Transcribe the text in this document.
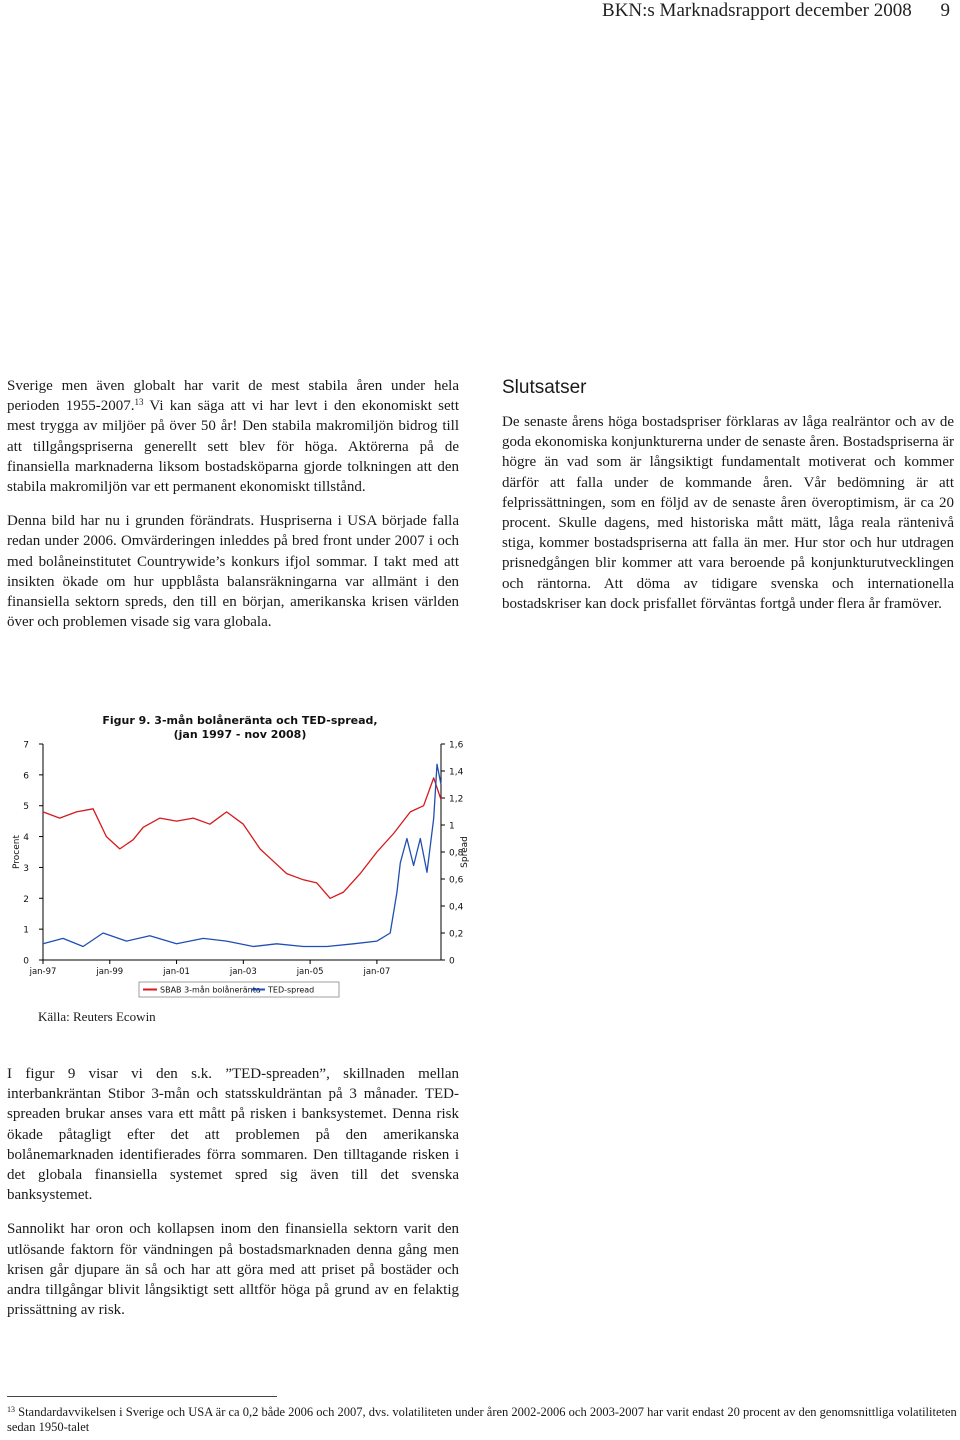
BKN:s Marknadsrapport december 2008 9

Sverige men även globalt har varit de mest stabila åren under hela perioden 1955-2007.13 Vi kan säga att vi har levt i den ekonomiskt sett mest trygga av miljöer på över 50 år! Den stabila makromiljön bidrog till att tillgångspriserna generellt sett blev för höga. Aktörerna på de finansiella marknaderna liksom bostadsköparna gjorde tolkningen att den stabila makromiljön var ett permanent ekonomiskt tillstånd.

Denna bild har nu i grunden förändrats. Huspriserna i USA började falla redan under 2006. Omvärderingen inleddes på bred front under 2007 i och med bolåneinstitutet Countrywide’s konkurs ifjol sommar. I takt med att insikten ökade om hur uppblåsta balansräkningarna var allmänt i den finansiella sektorn spreds, den till en början, amerikanska krisen världen över och problemen visade sig vara globala.

Slutsatser

De senaste årens höga bostadspriser förklaras av låga realräntor och av de goda ekonomiska konjunkturerna under de senaste åren. Bostadspriserna är högre än vad som är långsiktigt fundamentalt motiverat och kommer därför att falla under de kommande åren. Vår bedömning är att felprissättningen, som en följd av de senaste åren överoptimism, är ca 20 procent. Skulle dagens, med historiska mått mätt, låga reala räntenivå stiga, kommer bostadspriserna att falla än mer. Hur stor och hur utdragen prisnedgången blir kommer att vara beroende på konjunkturutvecklingen och räntorna. Att döma av tidigare svenska och internationella bostadskriser kan dock prisfallet förväntas fortgå under flera år framöver.

Figur 9. 3-mån bolåneränta och TED-spread,
(jan 1997 - nov 2008)
0
1
2
3
4
5
6
7
0
0,2
0,4
0,6
0,8
1
1,2
1,4
1,6
jan-97	jan-99	jan-01	jan-03	jan-05	jan-07
Procent	Spread
SBAB 3-mån bolåneränta TED-spread
Källa: Reuters Ecowin

I figur 9 visar vi den s.k. ”TED-spreaden”, skillnaden mellan interbankräntan Stibor 3-mån och statsskuldräntan på 3 månader. TED-spreaden brukar anses vara ett mått på risken i banksystemet. Denna risk ökade påtagligt efter det att problemen på den amerikanska bolånemarknaden identifierades förra sommaren. Den tilltagande risken i det globala finansiella systemet spred sig även till det svenska banksystemet.

Sannolikt har oron och kollapsen inom den finansiella sektorn varit den utlösande faktorn för vändningen på bostadsmarknaden denna gång men krisen går djupare än så och har att göra med att priset på bostäder och andra tillgångar blivit långsiktigt sett alltför höga på grund av en felaktig prissättning av risk.

$^{13}$ Standardavvikelsen i Sverige och USA är ca 0,2 både 2006 och 2007, dvs. volatiliteten under åren 2002-2006 och 2003-2007 har varit endast 20 procent av den genomsnittliga volatiliteten sedan 1950-talet
